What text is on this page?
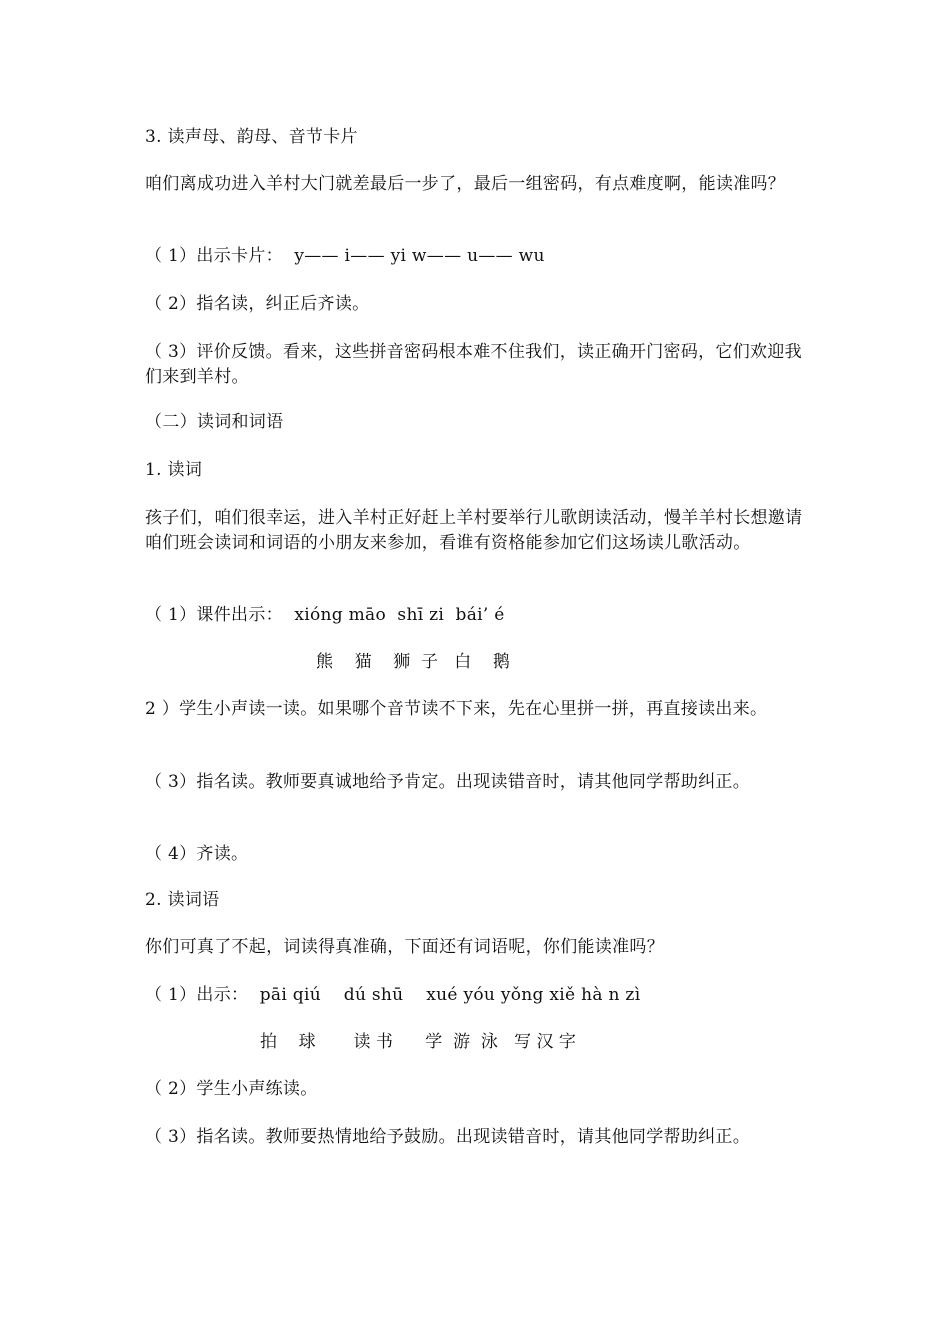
3. 读声母、韵母、音节卡片
咱们离成功进入羊村大门就差最后一步了，最后一组密码，有点难度啊，能读准吗？
（ 1）出示卡片：  y—— i—— yi w—— u—— wu
（ 2）指名读，纠正后齐读。
（ 3）评价反馈。看来，这些拼音密码根本难不住我们，读正确开门密码，它们欢迎我们来到羊村。
（二）读词和词语
1. 读词
孩子们，咱们很幸运，进入羊村正好赶上羊村要举行儿歌朗读活动，慢羊羊村长想邀请咱们班会读词和词语的小朋友来参加，看谁有资格能参加它们这场读儿歌活动。
（ 1）课件出示：  xióng māo  shī zi  bái’ é
熊    猫    狮  子   白    鹅
2 ）学生小声读一读。如果哪个音节读不下来，先在心里拼一拼，再直接读出来。
（ 3）指名读。教师要真诚地给予肯定。出现读错音时，请其他同学帮助纠正。
（ 4）齐读。
2. 读词语
你们可真了不起，词读得真准确，下面还有词语呢，你们能读准吗？
（ 1）出示：  pāi qiú    dú shū    xué yóu yǒng xiě hà n zì
拍    球       读 书      学  游  泳   写 汉 字
（ 2）学生小声练读。
（ 3）指名读。教师要热情地给予鼓励。出现读错音时，请其他同学帮助纠正。
